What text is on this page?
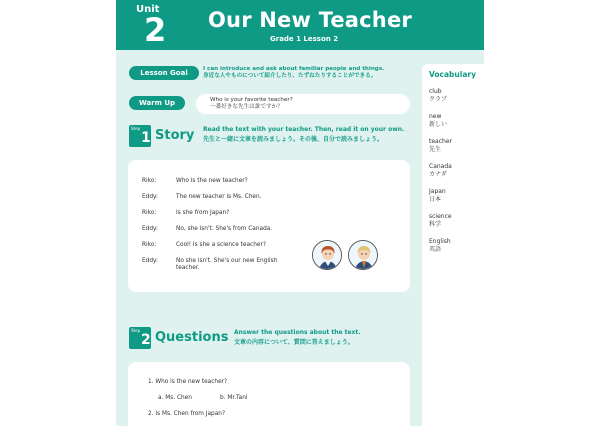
Unit
2 Our New Teacher
Grade 1 Lesson 2
Lesson Goal	I can introduce and ask about familiar people and things.
身近な人やものについて紹介したり、たずねたりすることができる。
Who is your favorite teacher?
一番好きな先生は誰ですか？
Warm Up
Step
1 Story Read the text with your teacher. Then, read it on your own.
先生と一緒に文章を読みましょう。その後、自分で読みましょう。
Riko:	Who is the new teacher?
Eddy:	The new teacher is Ms. Chen.
Riko:	Is she from Japan?
Eddy:	No, she isn't. She's from Canada.
Riko:	Cool! Is she a science teacher?
Eddy:	No she isn't. She's our new English teacher.
Step
2 Questions Answer the questions about the text.
文章の内容について、質問に答えましょう。
1. Who is the new teacher?
a. Ms. Chen	b. Mr.Tani
2. Is Ms. Chen from Japan?
Vocabulary
club
クラブ
new
新しい
teacher
先生
Canada
カナダ
Japan
日本
science
科学
English
英語
